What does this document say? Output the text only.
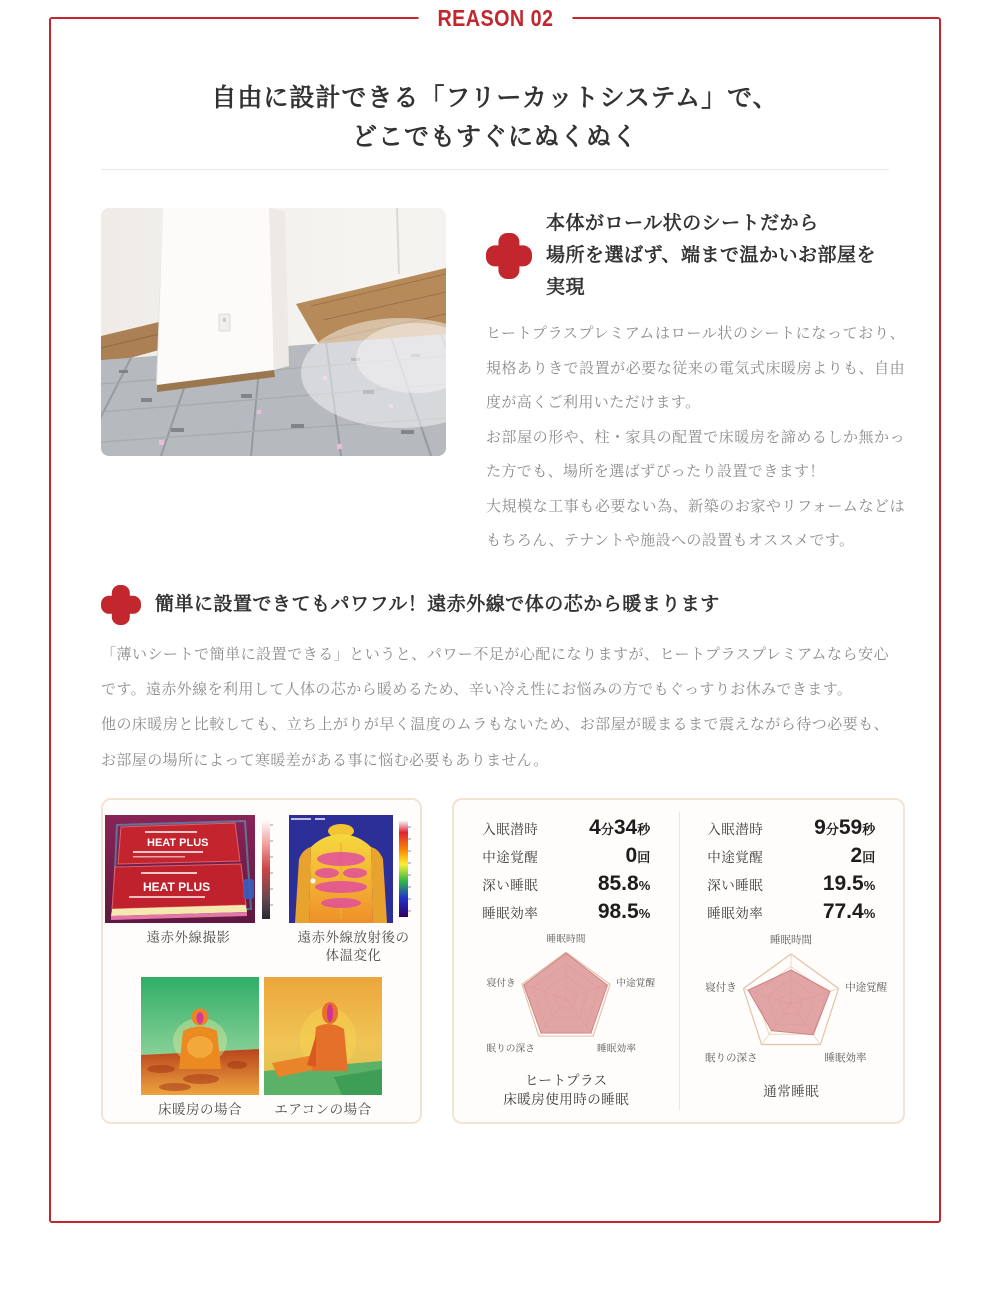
REASON 02
自由に設計できる「フリーカットシステム」で、
どこでもすぐにぬくぬく
本体がロール状のシートだから
場所を選ばず、端まで温かいお部屋を
実現

ヒートプラスプレミアムはロール状のシートになっており、規格ありきで設置が必要な従来の電気式床暖房よりも、自由度が高くご利用いただけます。

お部屋の形や、柱・家具の配置で床暖房を諦めるしか無かった方でも、場所を選ばずぴったり設置できます！

大規模な工事も必要ない為、新築のお家やリフォームなどはもちろん、テナントや施設への設置もオススメです。

簡単に設置できてもパワフル！遠赤外線で体の芯から暖まります

「薄いシートで簡単に設置できる」というと、パワー不足が心配になりますが、ヒートプラスプレミアムなら安心です。遠赤外線を利用して人体の芯から暖めるため、辛い冷え性にお悩みの方でもぐっすりお休みできます。

他の床暖房と比較しても、立ち上がりが早く温度のムラもないため、お部屋が暖まるまで震えながら待つ必要も、お部屋の場所によって寒暖差がある事に悩む必要もありません。

HEAT PLUS
HEAT PLUS
遠赤外線撮影	遠赤外線放射後の
体温変化
床暖房の場合	エアコンの場合
入眠潜時 4分34秒
中途覚醒	0回
深い睡眠	85.8%
睡眠効率	98.5%
睡眠時間
中途覚醒
睡眠効率
眠りの深さ
寝付き
ヒートプラス
床暖房使用時の睡眠
入眠潜時 9分59秒
中途覚醒	2回
深い睡眠	19.5%
睡眠効率	77.4%
睡眠時間
中途覚醒
睡眠効率
眠りの深さ
寝付き
通常睡眠
